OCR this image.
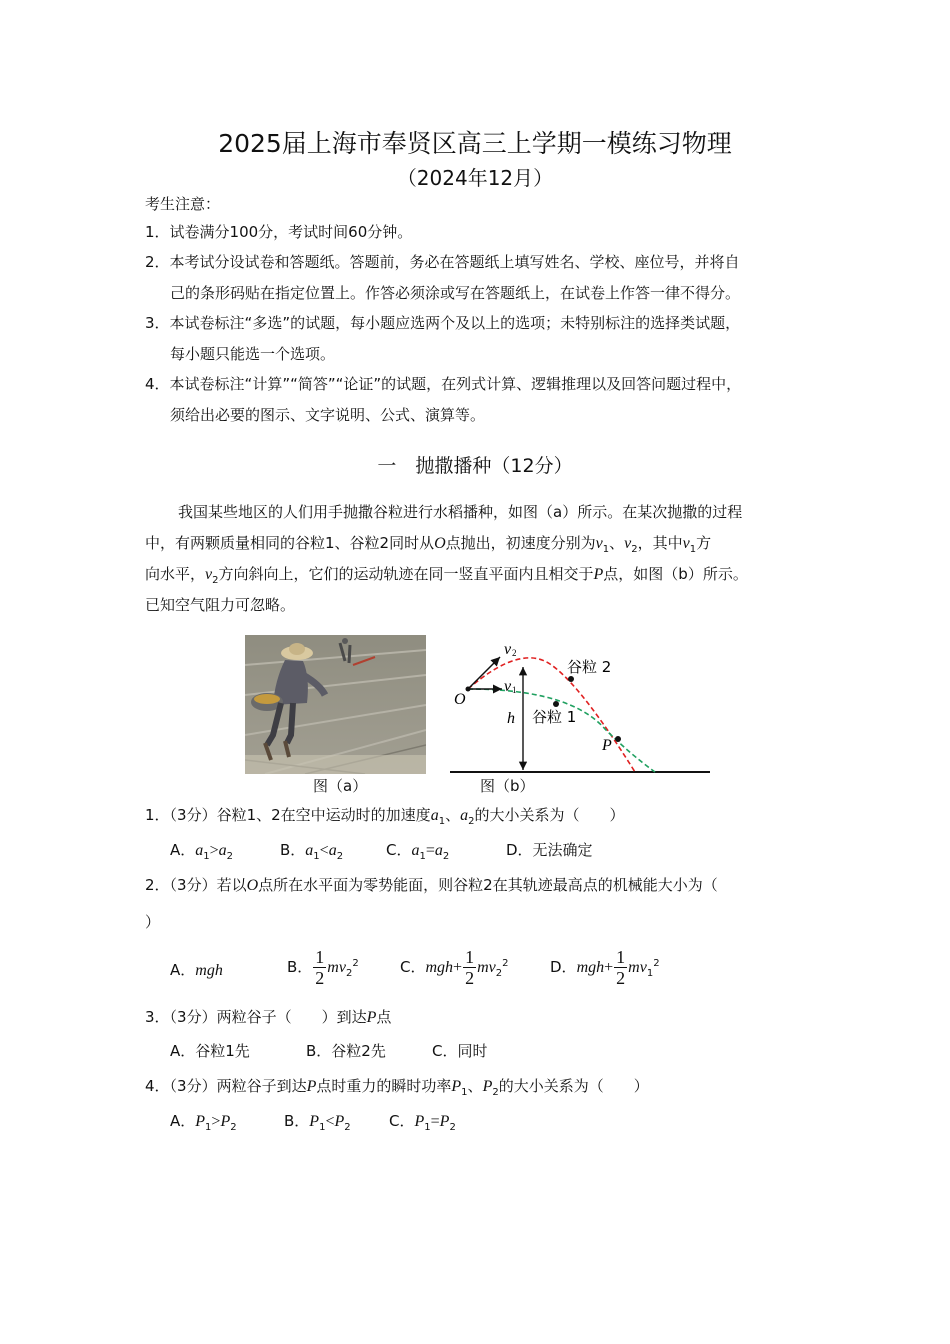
2025届上海市奉贤区高三上学期一模练习物理
（2024年12月）
考生注意：
1．试卷满分100分，考试时间60分钟。
2．本考试分设试卷和答题纸。答题前，务必在答题纸上填写姓名、学校、座位号，并将自
己的条形码贴在指定位置上。作答必须涂或写在答题纸上，在试卷上作答一律不得分。
3．本试卷标注“多选”的试题，每小题应选两个及以上的选项；未特别标注的选择类试题，
每小题只能选一个选项。
4．本试卷标注“计算”“简答”“论证”的试题，在列式计算、逻辑推理以及回答问题过程中，
须给出必要的图示、文字说明、公式、演算等。
一　抛撒播种（12分）
我国某些地区的人们用手抛撒谷粒进行水稻播种，如图（a）所示。在某次抛撒的过程
中，有两颗质量相同的谷粒1、谷粒2同时从O点抛出，初速度分别为$v_1$、$v_2$，其中$v_1$方
向水平，$v_2$方向斜向上，它们的运动轨迹在同一竖直平面内且相交于P点，如图（b）所示。
已知空气阻力可忽略。
O
v 2
v 1
h
谷粒 2
谷粒 1
P
图（a）	图（b）
1．（3分）谷粒1、2在空中运动时的加速度$a_1$、$a_2$的大小关系为（　　）
A．$a_1>a_2$	B．$a_1<a_2$	C．$a_1=a_2$	D．无法确定
2．（3分）若以O点所在水平面为零势能面，则谷粒2在其轨迹最高点的机械能大小为（
）
A．mgh	B． $\frac{1}{2} mv_2^2$	C．$mgh+ \frac{1}{2} mv_2^2$	D．$mgh+ \frac{1}{2} mv_1^2$
3．（3分）两粒谷子（　　）到达P点
A．谷粒1先	B．谷粒2先	C．同时
4．（3分）两粒谷子到达P点时重力的瞬时功率$P_1$、$P_2$的大小关系为（　　）
A．$P_1>P_2$	B．$P_1<P_2$	C．$P_1=P_2$
